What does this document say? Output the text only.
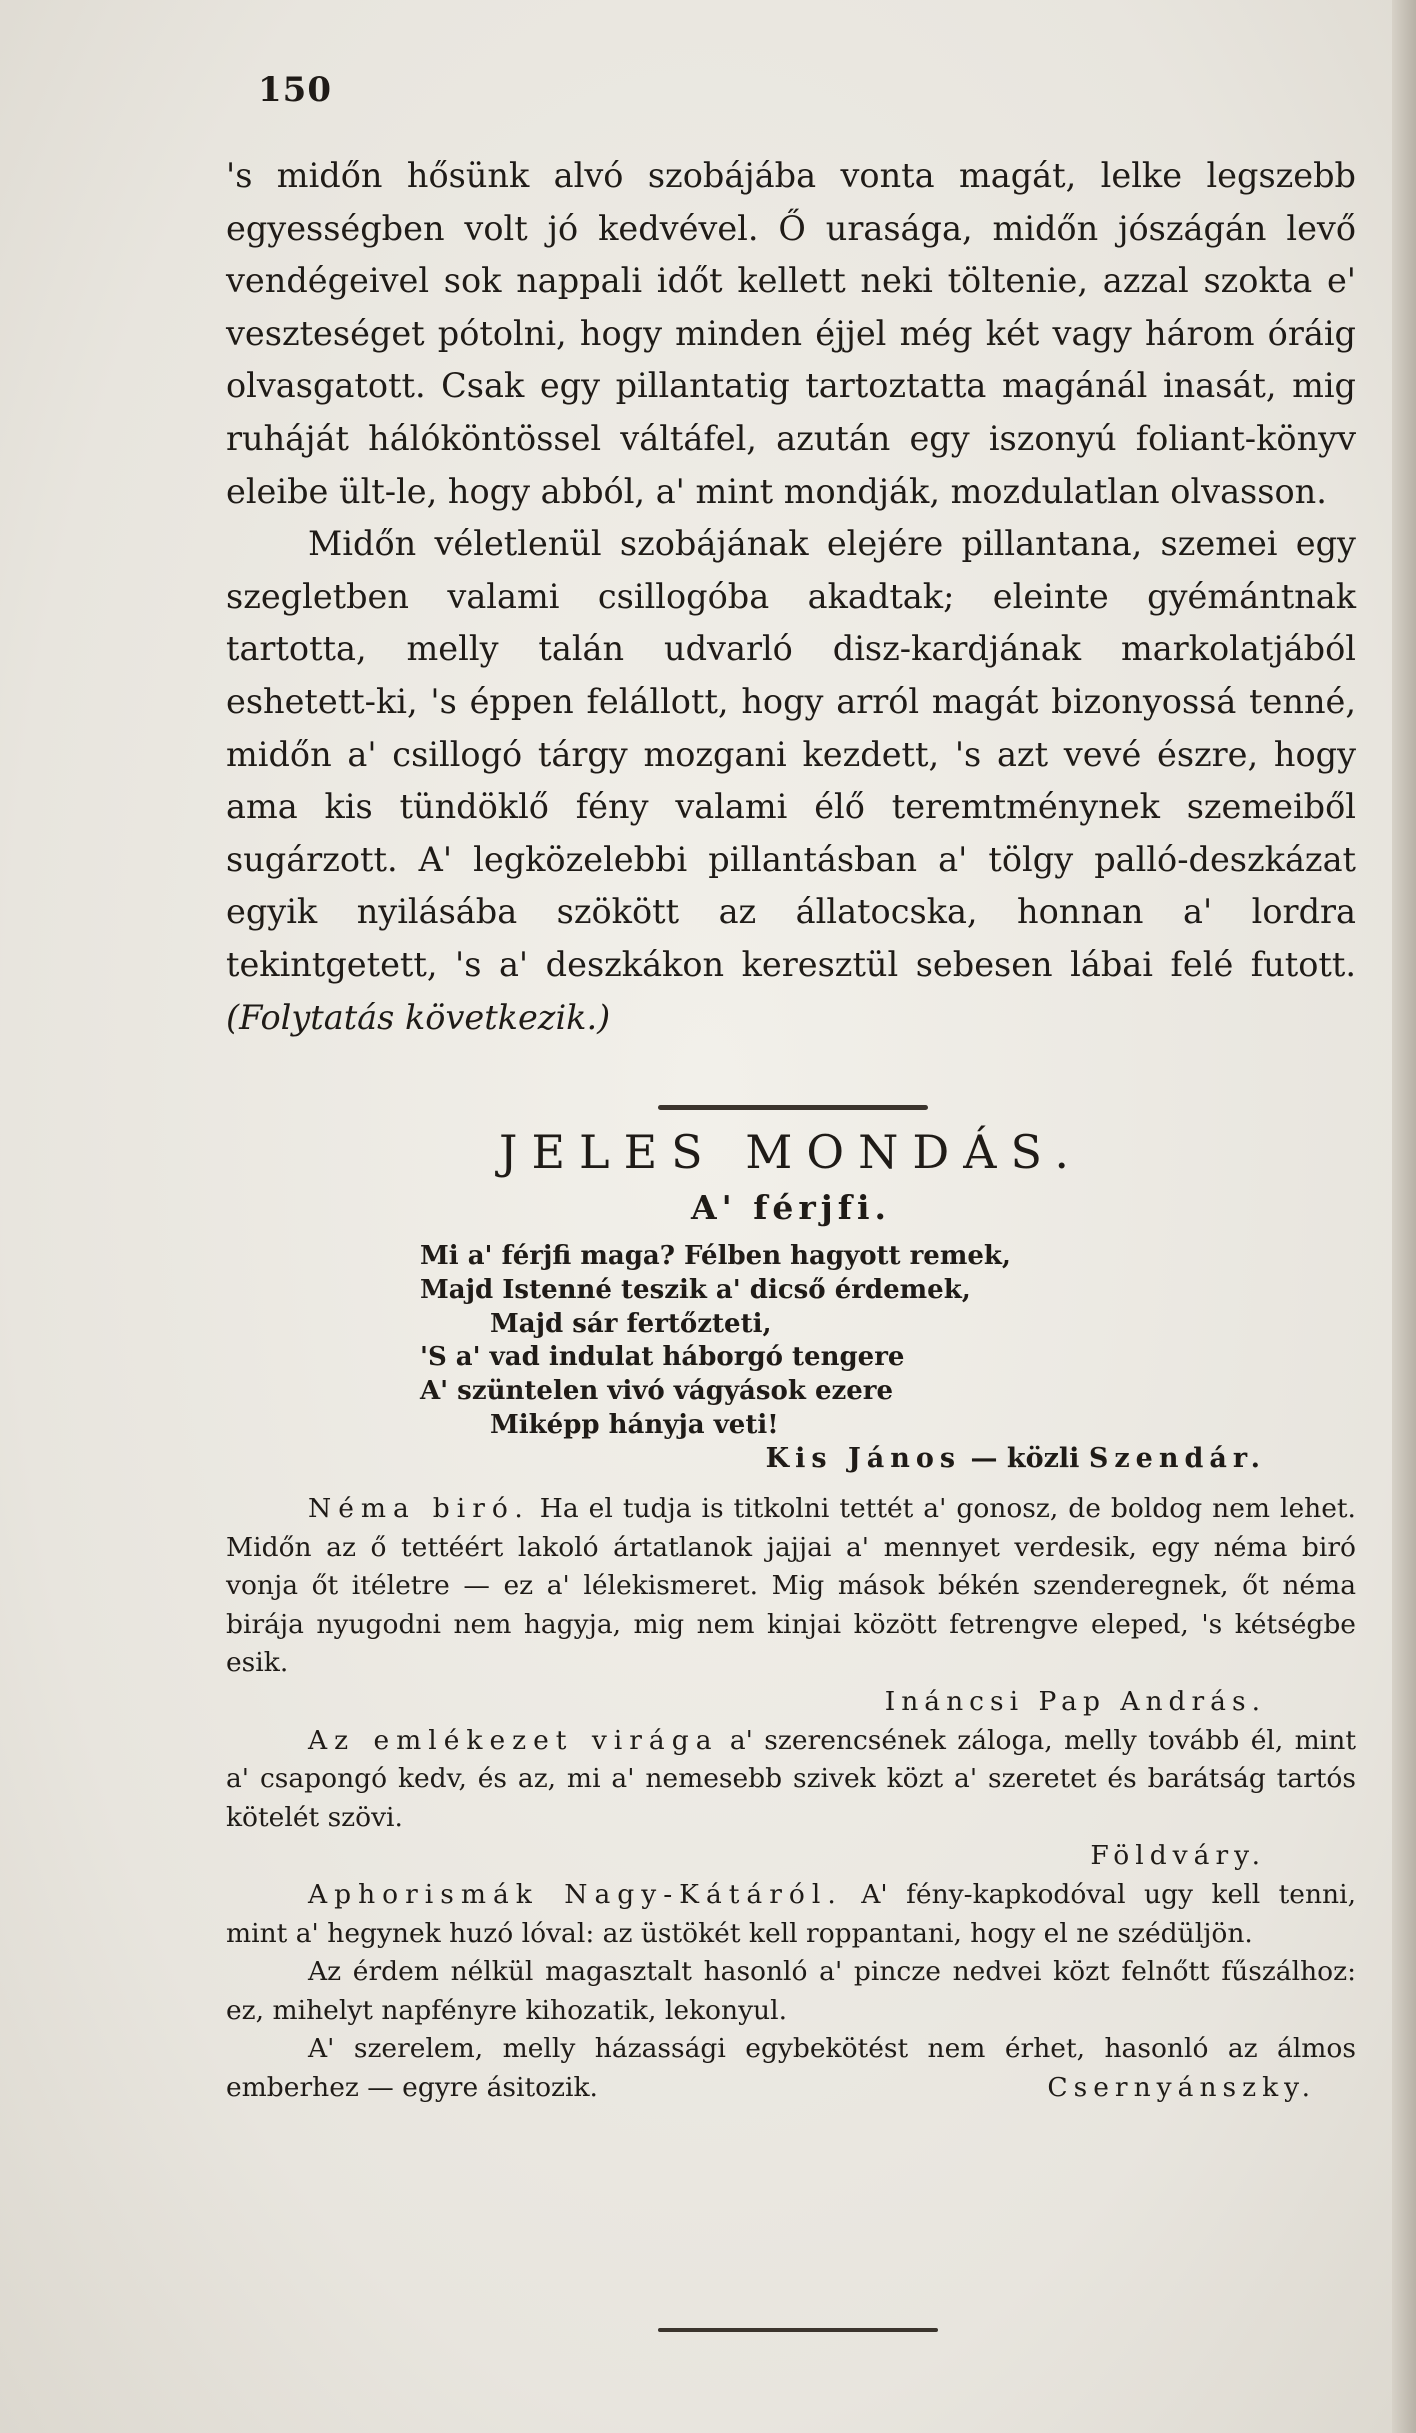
150

's midőn hősünk alvó szobájába vonta magát, lelke legszebb egyességben volt jó kedvével. Ő urasága, midőn jószágán levő vendégeivel sok nappali időt kellett neki töltenie, azzal szokta e' veszteséget pótolni, hogy minden éjjel még két vagy három óráig olvasgatott. Csak egy pillantatig tartoztatta magánál inasát, mig ruháját hálóköntössel váltáfel, azután egy iszonyú foliant-könyv eleibe ült-le, hogy abból, a' mint mondják, mozdulatlan olvasson.

Midőn véletlenül szobájának elejére pillantana, szemei egy szegletben valami csillogóba akadtak; eleinte gyémántnak tartotta, melly talán udvarló disz-kardjának markolatjából eshetett-ki, 's éppen felállott, hogy arról magát bizonyossá tenné, midőn a' csillogó tárgy mozgani kezdett, 's azt vevé észre, hogy ama kis tündöklő fény valami élő teremtménynek szemeiből sugárzott. A' legközelebbi pillantásban a' tölgy palló-deszkázat egyik nyilásába szökött az állatocska, honnan a' lordra tekintgetett, 's a' deszkákon keresztül sebesen lábai felé futott. (Folytatás következik.)

JELES MONDÁS.
A' férjfi.
Mi a' férjfi maga? Félben hagyott remek,
Majd Istenné teszik a' dicső érdemek,
Majd sár fertőzteti,
'S a' vad indulat háborgó tengere
A' szüntelen vivó vágyások ezere
Miképp hányja veti!
Kis János — közli Szendár.

Néma biró. Ha el tudja is titkolni tettét a' gonosz, de boldog nem lehet. Midőn az ő tettéért lakoló ártatlanok jajjai a' mennyet verdesik, egy néma biró vonja őt itéletre — ez a' lélekismeret. Mig mások békén szenderegnek, őt néma birája nyugodni nem hagyja, mig nem kinjai között fetrengve eleped, 's kétségbe esik.

Ináncsi Pap András.

Az emlékezet virága a' szerencsének záloga, melly tovább él, mint a' csapongó kedv, és az, mi a' nemesebb szivek közt a' szeretet és barátság tartós kötelét szövi.

Földváry.

Aphorismák Nagy-Kátáról. A' fény-kapkodóval ugy kell tenni, mint a' hegynek huzó lóval: az üstökét kell roppantani, hogy el ne szédüljön.

Az érdem nélkül magasztalt hasonló a' pincze nedvei közt felnőtt fűszálhoz: ez, mihelyt napfényre kihozatik, lekonyul.

A' szerelem, melly házassági egybekötést nem érhet, hasonló az álmos emberhez — egyre ásitozik.	Csernyánszky.
